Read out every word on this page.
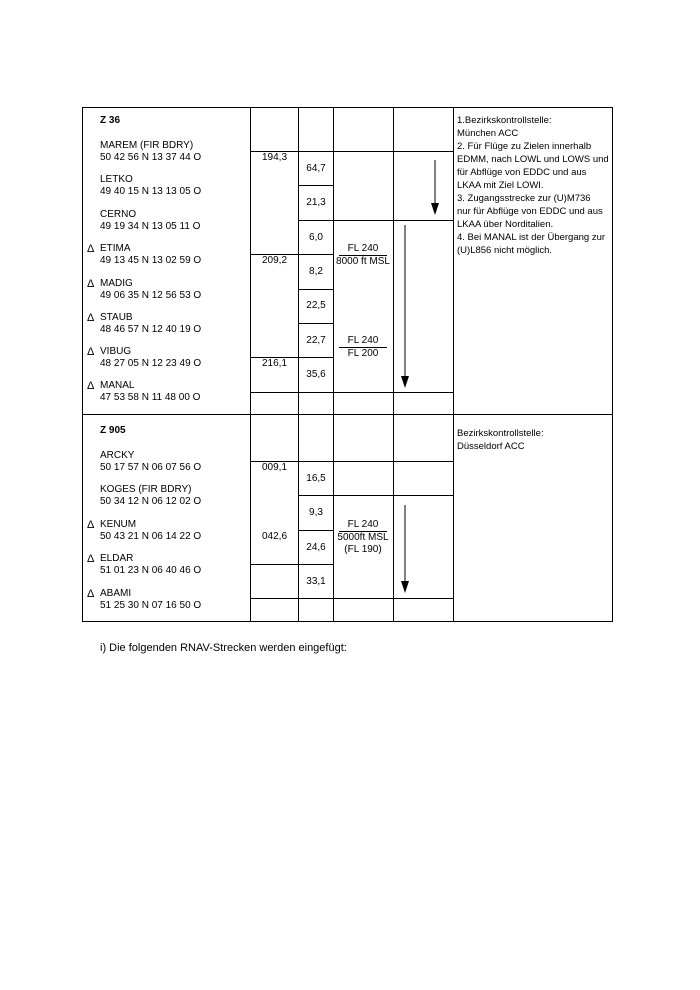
Z 36
MAREM (FIR BDRY)
50 42 56 N 13 37 44 O
LETKO
49 40 15 N 13 13 05 O
CERNO
49 19 34 N 13 05 11 O
Δ ETIMA
49 13 45 N 13 02 59 O
Δ MADIG
49 06 35 N 12 56 53 O
Δ STAUB
48 46 57 N 12 40 19 O
Δ VIBUG
48 27 05 N 12 23 49 O
Δ MANAL
47 53 58 N 11 48 00 O
194,3
209,2
216,1
64,7
21,3
6,0
8,2
22,5
22,7
35,6
FL 240
8000 ft MSL
FL 240
FL 200
1.Bezirkskontrollstelle:
München ACC
2. Für Flüge zu Zielen innerhalb
EDMM, nach LOWL und LOWS und
für Abflüge von EDDC und aus
LKAA mit Ziel LOWI.
3. Zugangsstrecke zur (U)M736
nur für Abflüge von EDDC und aus
LKAA über Norditalien.
4. Bei MANAL ist der Übergang zur
(U)L856 nicht möglich.
Z 905
ARCKY
50 17 57 N 06 07 56 O
KOGES (FIR BDRY)
50 34 12 N 06 12 02 O
Δ KENUM
50 43 21 N 06 14 22 O
Δ ELDAR
51 01 23 N 06 40 46 O
Δ ABAMI
51 25 30 N 07 16 50 O
009,1
042,6
16,5
9,3
24,6
33,1
FL 240
5000ft MSL
(FL 190)
Bezirkskontrollstelle:
Düsseldorf ACC
i) Die folgenden RNAV-Strecken werden eingefügt:
